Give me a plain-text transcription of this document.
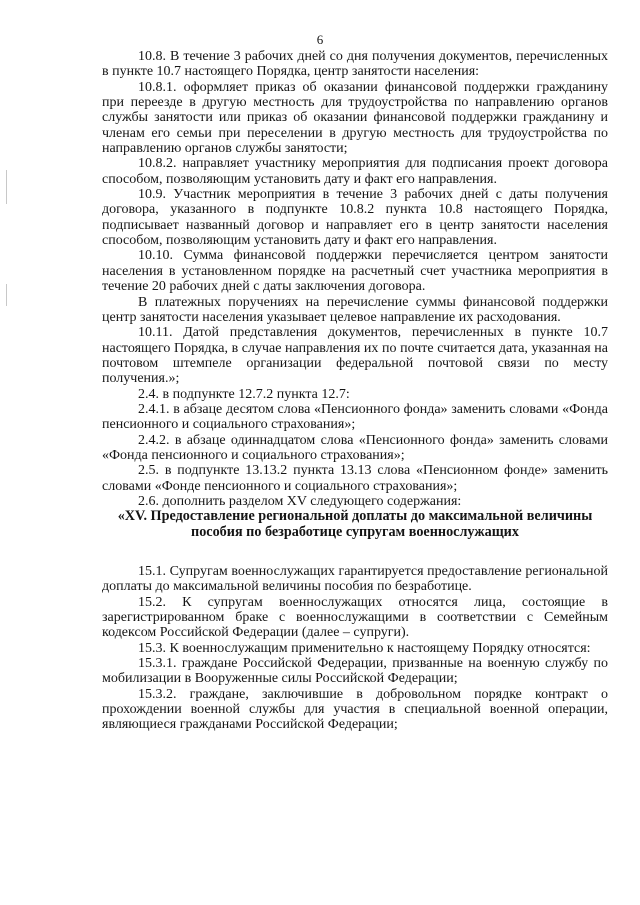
6

10.8. В течение 3 рабочих дней со дня получения документов, перечисленных в пункте 10.7 настоящего Порядка, центр занятости населения:

10.8.1. оформляет приказ об оказании финансовой поддержки гражданину при переезде в другую местность для трудоустройства по направлению органов службы занятости или приказ об оказании финансовой поддержки гражданину и членам его семьи при переселении в другую местность для трудоустройства по направлению органов службы занятости;

10.8.2. направляет участнику мероприятия для подписания проект договора способом, позволяющим установить дату и факт его направления.

10.9. Участник мероприятия в течение 3 рабочих дней с даты получения договора, указанного в подпункте 10.8.2 пункта 10.8 настоящего Порядка, подписывает названный договор и направляет его в центр занятости населения способом, позволяющим установить дату и факт его направления.

10.10. Сумма финансовой поддержки перечисляется центром занятости населения в установленном порядке на расчетный счет участника мероприятия в течение 20 рабочих дней с даты заключения договора.

В платежных поручениях на перечисление суммы финансовой поддержки центр занятости населения указывает целевое направление их расходования.

10.11. Датой представления документов, перечисленных в пункте 10.7 настоящего Порядка, в случае направления их по почте считается дата, указанная на почтовом штемпеле организации федеральной почтовой связи по месту получения.»;

2.4. в подпункте 12.7.2 пункта 12.7:

2.4.1. в абзаце десятом слова «Пенсионного фонда» заменить словами «Фонда пенсионного и социального страхования»;

2.4.2. в абзаце одиннадцатом слова «Пенсионного фонда» заменить словами «Фонда пенсионного и социального страхования»;

2.5. в подпункте 13.13.2 пункта 13.13 слова «Пенсионном фонде» заменить словами «Фонде пенсионного и социального страхования»;

2.6. дополнить разделом XV следующего содержания:

«XV. Предоставление региональной доплаты до максимальной величины пособия по безработице супругам военнослужащих

15.1. Супругам военнослужащих гарантируется предоставление региональной доплаты до максимальной величины пособия по безработице.

15.2. К супругам военнослужащих относятся лица, состоящие в зарегистрированном браке с военнослужащими в соответствии с Семейным кодексом Российской Федерации (далее – супруги).

15.3. К военнослужащим применительно к настоящему Порядку относятся:

15.3.1. граждане Российской Федерации, призванные на военную службу по мобилизации в Вооруженные силы Российской Федерации;

15.3.2. граждане, заключившие в добровольном порядке контракт о прохождении военной службы для участия в специальной военной операции, являющиеся гражданами Российской Федерации;
